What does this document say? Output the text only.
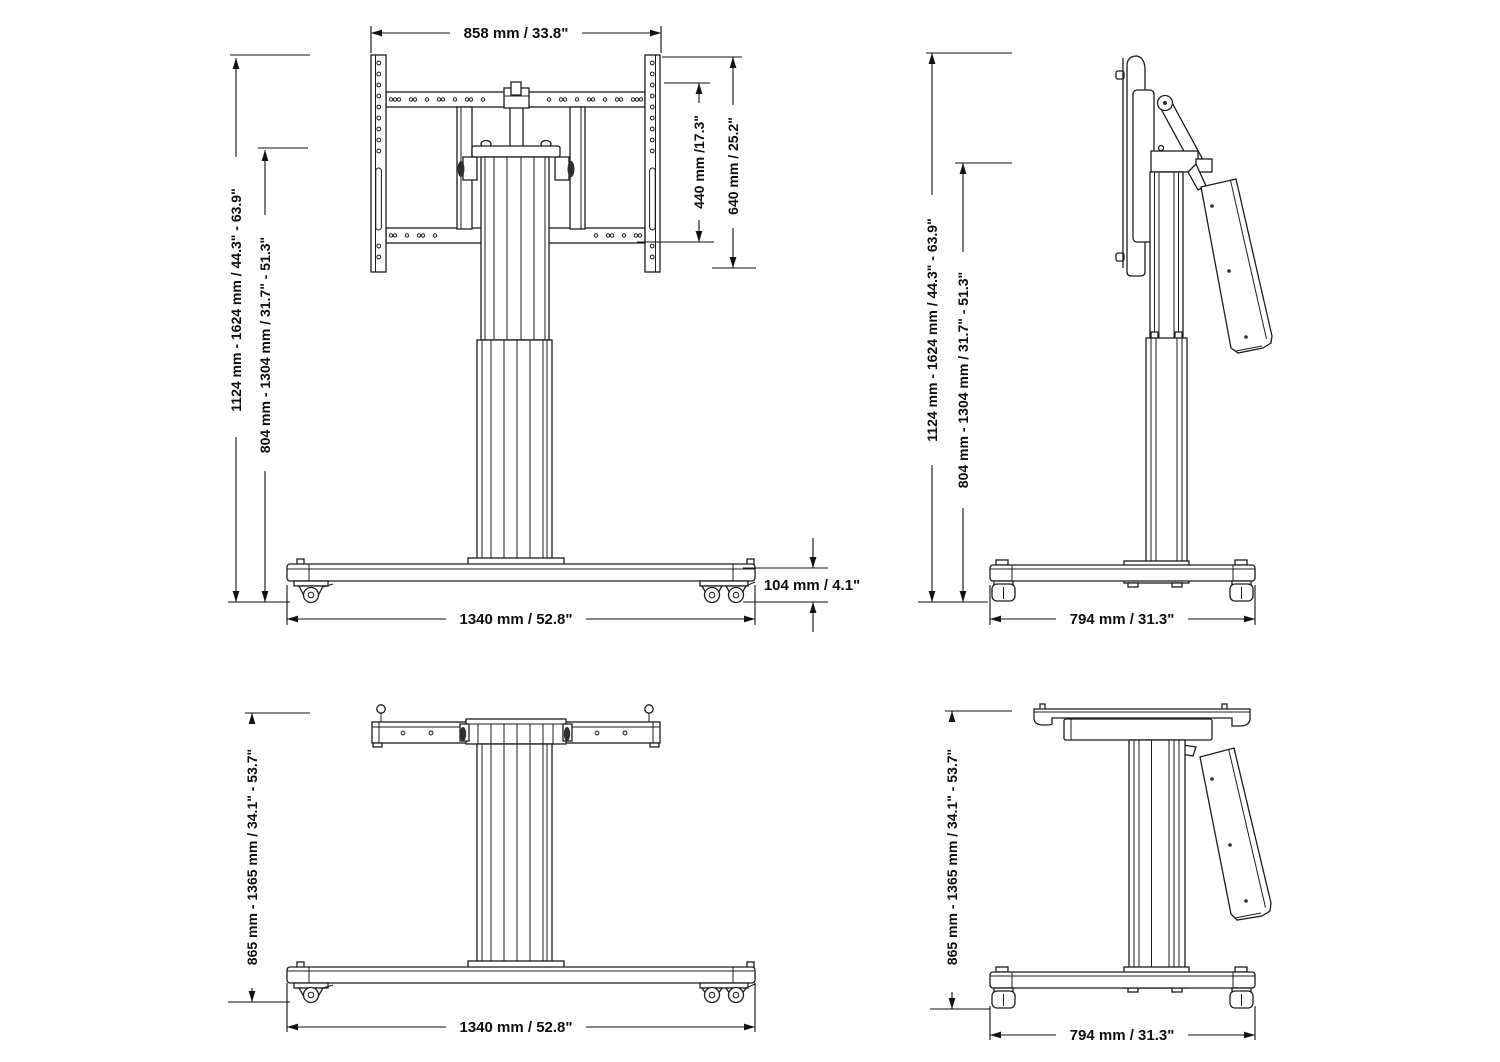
858 mm / 33.8"
440 mm /17.3" 640 mm / 25.2"
1124 mm - 1624 mm / 44.3" - 63.9" 804 mm - 1304 mm / 31.7" - 51.3"
1340 mm / 52.8"
104 mm / 4.1"
1124 mm - 1624 mm / 44.3" - 63.9" 804 mm - 1304 mm / 31.7" - 51.3"
794 mm / 31.3"
865 mm - 1365 mm / 34.1" - 53.7"
1340 mm / 52.8"
865 mm - 1365 mm / 34.1" - 53.7"
794 mm / 31.3"
